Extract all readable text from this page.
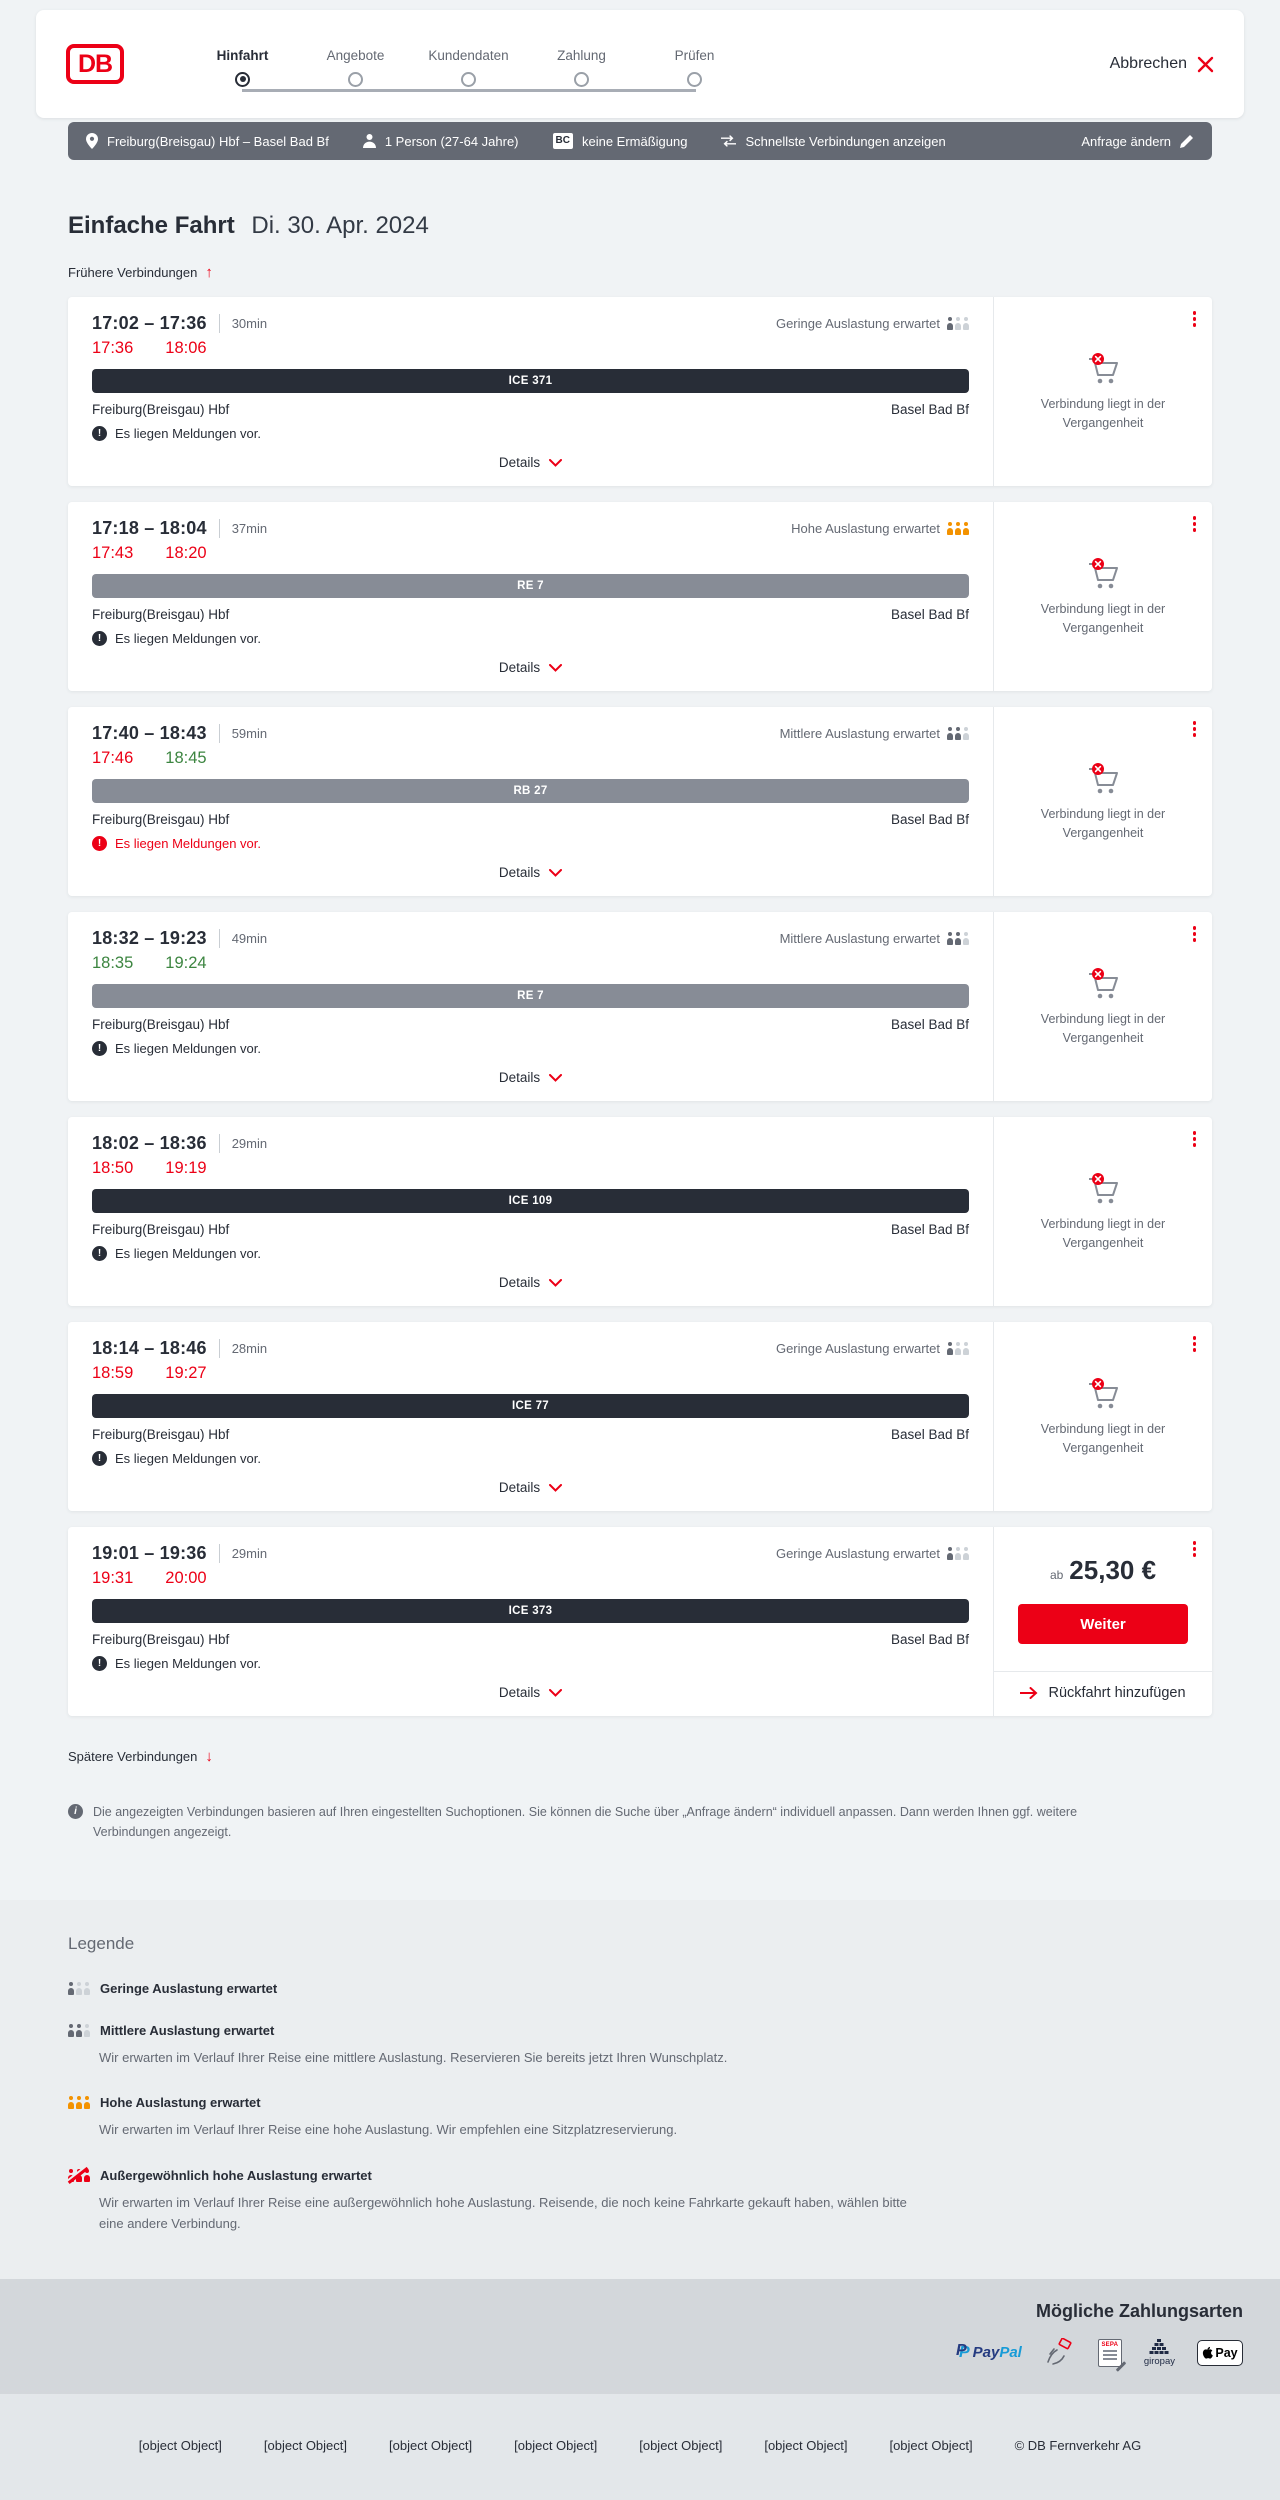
DB	Hinfahrt	Angebote	Kundendaten	Zahlung	Prüfen	Abbrechen
Freiburg(Breisgau) Hbf – Basel Bad Bf	1 Person (27-64 Jahre)	BC keine Ermäßigung	Schnellste Verbindungen anzeigen	Anfrage ändern
Einfache Fahrt Di. 30. Apr. 2024
Frühere Verbindungen ↑
17:02 – 17:36	30min	Geringe Auslastung erwartet
17:36 18:06
ICE 371
Freiburg(Breisgau) Hbf	Basel Bad Bf
!	Es liegen Meldungen vor.
Details

Verbindung liegt in der Vergangenheit

17:18 – 18:04	37min	Hohe Auslastung erwartet
17:43 18:20
RE 7
Freiburg(Breisgau) Hbf	Basel Bad Bf
!	Es liegen Meldungen vor.
Details

Verbindung liegt in der Vergangenheit

17:40 – 18:43	59min	Mittlere Auslastung erwartet
17:46 18:45
RB 27
Freiburg(Breisgau) Hbf	Basel Bad Bf
!	Es liegen Meldungen vor.
Details

Verbindung liegt in der Vergangenheit

18:32 – 19:23	49min	Mittlere Auslastung erwartet
18:35 19:24
RE 7
Freiburg(Breisgau) Hbf	Basel Bad Bf
!	Es liegen Meldungen vor.
Details

Verbindung liegt in der Vergangenheit

18:02 – 18:36	29min
18:50 19:19
ICE 109
Freiburg(Breisgau) Hbf	Basel Bad Bf
!	Es liegen Meldungen vor.
Details

Verbindung liegt in der Vergangenheit

18:14 – 18:46	28min	Geringe Auslastung erwartet
18:59 19:27
ICE 77
Freiburg(Breisgau) Hbf	Basel Bad Bf
!	Es liegen Meldungen vor.
Details

Verbindung liegt in der Vergangenheit

19:01 – 19:36	29min	Geringe Auslastung erwartet
19:31 20:00
ICE 373
Freiburg(Breisgau) Hbf	Basel Bad Bf
!	Es liegen Meldungen vor.
Details
ab 25,30 €
Weiter
Rückfahrt hinzufügen
Spätere Verbindungen ↓
i	Die angezeigten Verbindungen basieren auf Ihren eingestellten Suchoptionen. Sie können die Suche über „Anfrage ändern“ individuell anpassen. Dann werden Ihnen ggf. weitere Verbindungen angezeigt.
Legende
Geringe Auslastung erwartet
Mittlere Auslastung erwartet

Wir erwarten im Verlauf Ihrer Reise eine mittlere Auslastung. Reservieren Sie bereits jetzt Ihren Wunschplatz.

Hohe Auslastung erwartet

Wir erwarten im Verlauf Ihrer Reise eine hohe Auslastung. Wir empfehlen eine Sitzplatzreservierung.

Außergewöhnlich hohe Auslastung erwartet

Wir erwarten im Verlauf Ihrer Reise eine außergewöhnlich hohe Auslastung. Reisende, die noch keine Fahrkarte gekauft haben, wählen bitte eine andere Verbindung.

Mögliche Zahlungsarten
P P PayPal	SEPA
giropay
Pay
[object Object]	[object Object]	[object Object]	[object Object]	[object Object]	[object Object]	[object Object]	© DB Fernverkehr AG
